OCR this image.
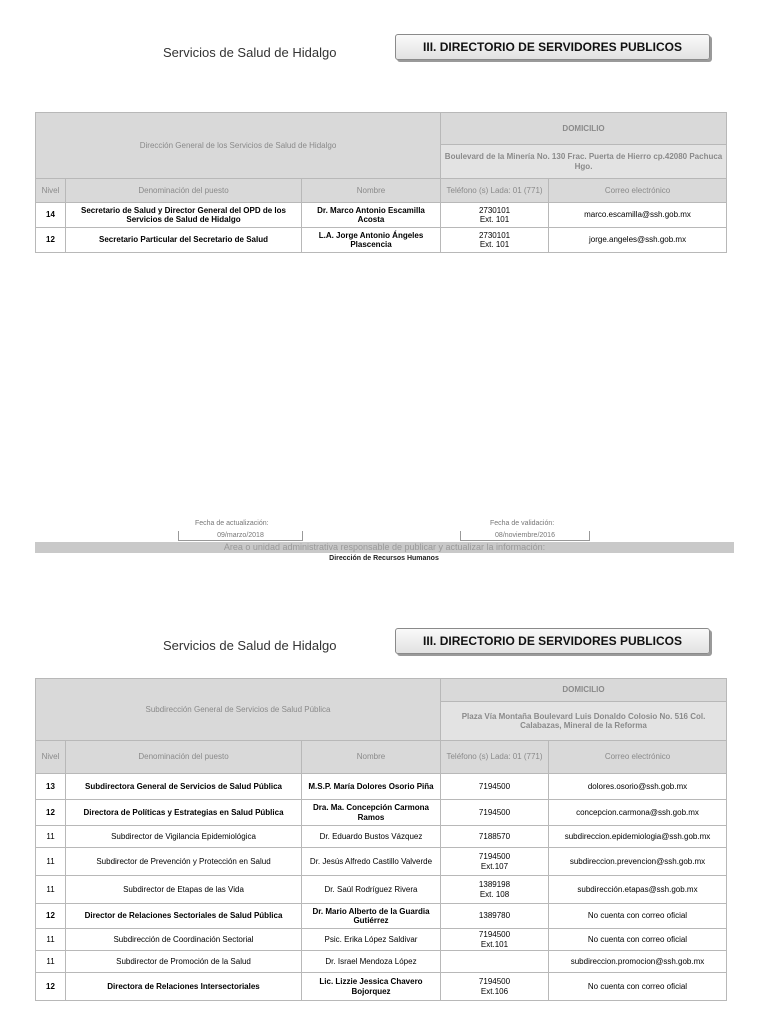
Servicios de Salud de Hidalgo	III. DIRECTORIO DE SERVIDORES PUBLICOS
Dirección General de los Servicios de Salud de Hidalgo			DOMICILIO	
			Boulevard de la Minería No. 130 Frac. Puerta de Hierro cp.42080 Pachuca Hgo.	
Nivel	Denominación del puesto	Nombre	Teléfono (s) Lada: 01 (771)	Correo electrónico
14	Secretario de Salud y Director General del OPD de los Servicios de Salud de Hidalgo	Dr. Marco Antonio Escamilla Acosta	2730101
Ext. 101	marco.escamilla@ssh.gob.mx
12	Secretario Particular del Secretario de Salud	L.A. Jorge Antonio Ángeles Plascencia	2730101
Ext. 101	jorge.angeles@ssh.gob.mx
Fecha de actualización:
09/marzo/2018
Fecha de validación:
08/noviembre/2016
Area o unidad administrativa responsable de publicar y actualizar la información:
Dirección de Recursos Humanos
Servicios de Salud de Hidalgo	III. DIRECTORIO DE SERVIDORES PUBLICOS
Subdirección General de Servicios de Salud Pública			DOMICILIO	
			Plaza Vía Montaña Boulevard Luis Donaldo Colosio No. 516 Col. Calabazas, Mineral de la Reforma	
Nivel	Denominación del puesto	Nombre	Teléfono (s) Lada: 01 (771)	Correo electrónico
13	Subdirectora General de Servicios de Salud Pública	M.S.P. María Dolores Osorio Piña	7194500	dolores.osorio@ssh.gob.mx
12	Directora de Políticas y Estrategias en Salud Pública	Dra. Ma. Concepción Carmona Ramos	7194500	concepcion.carmona@ssh.gob.mx
11	Subdirector de Vigilancia Epidemiológica	Dr. Eduardo Bustos Vázquez	7188570	subdireccion.epidemiologia@ssh.gob.mx
11	Subdirector de Prevención y Protección en Salud	Dr. Jesús Alfredo Castillo Valverde	7194500
Ext.107	subdireccion.prevencion@ssh.gob.mx
11	Subdirector de Etapas de las Vida	Dr. Saúl Rodríguez Rivera	1389198
Ext. 108	subdirección.etapas@ssh.gob.mx
12	Director de Relaciones Sectoriales de Salud Pública	Dr. Mario Alberto de la Guardia Gutiérrez	1389780	No cuenta con correo oficial
11	Subdirección de Coordinación Sectorial	Psic. Erika López Saldivar	7194500
Ext.101	No cuenta con correo oficial
11	Subdirector de Promoción de la Salud	Dr. Israel Mendoza López		subdireccion.promocion@ssh.gob.mx
12	Directora de Relaciones Intersectoriales	Lic. Lizzie Jessica Chavero Bojorquez	7194500
Ext.106	No cuenta con correo oficial
